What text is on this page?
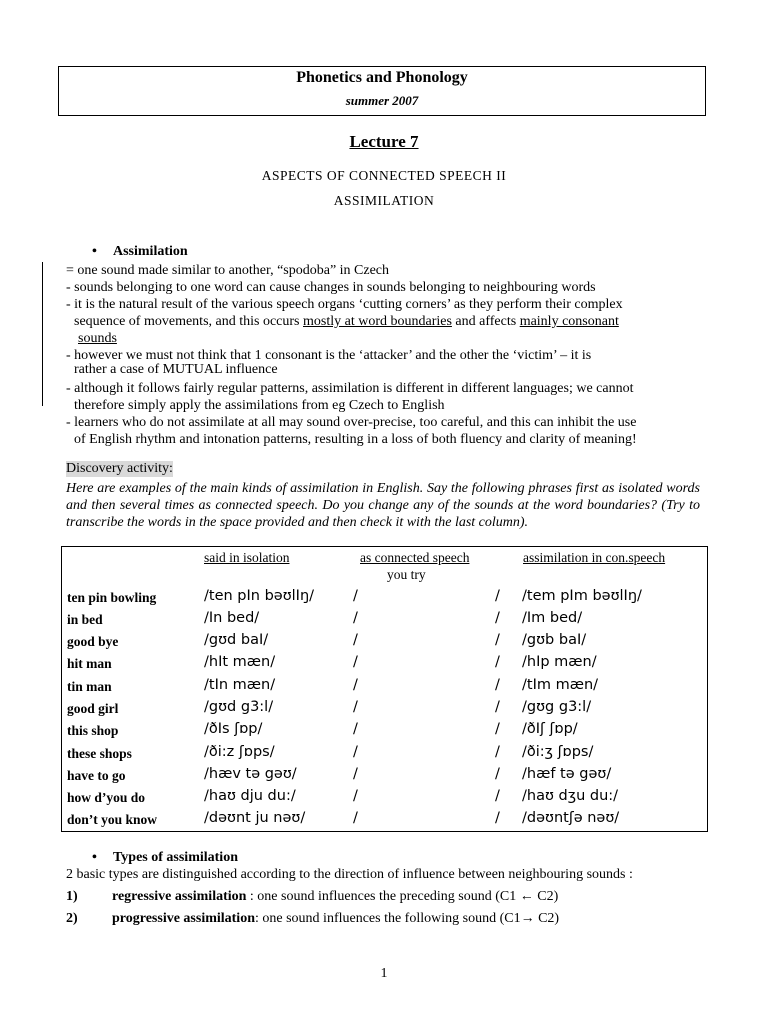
Phonetics and Phonology
summer 2007
Lecture 7
ASPECTS OF CONNECTED SPEECH II
ASSIMILATION
• Assimilation
= one sound made similar to another, “spodoba” in Czech
- sounds belonging to one word can cause changes in sounds belonging to neighbouring words
- it is the natural result of the various speech organs ‘cutting corners’ as they perform their complex
sequence of movements, and this occurs mostly at word boundaries and affects mainly consonant
sounds
- however we must not think that 1 consonant is the ‘attacker’ and the other the ‘victim’ – it is
rather a case of MUTUAL influence
- although it follows fairly regular patterns, assimilation is different in different languages; we cannot
therefore simply apply the assimilations from eg Czech to English
- learners who do not assimilate at all may sound over-precise, too careful, and this can inhibit the use
of English rhythm and intonation patterns, resulting in a loss of both fluency and clarity of meaning!
Discovery activity:
Here are examples of the main kinds of assimilation in English. Say the following phrases first as isolated words and then several times as connected speech. Do you change any of the sounds at the word boundaries? (Try to transcribe the words in the space provided and then check it with the last column).
said in isolation	as connected speech	assimilation in con.speech
you try
ten pin bowling	/ten pIn bəʊlIŋ/	/	/ /tem pIm bəʊlIŋ/
in bed	/In bed/	/	/ /Im bed/
good bye	/gʊd baI/	/	/ /gʊb baI/
hit man	/hIt mæn/	/	/ /hIp mæn/
tin man	/tIn mæn/	/	/ /tIm mæn/
good girl	/gʊd g3:l/	/	/ /gʊg g3:l/
this shop	/ðIs ʃɒp/	/	/ /ðIʃ ʃɒp/
these shops	/ði:z ʃɒps/	/	/ /ði:ʒ ʃɒps/
have to go	/hæv tə gəʊ/	/	/ /hæf tə gəʊ/
how d’you do	/haʊ dju du:/	/	/ /haʊ dʒu du:/
don’t you know	/dəʊnt ju nəʊ/	/	/ /dəʊntʃə nəʊ/
• Types of assimilation
2 basic types are distinguished according to the direction of influence between neighbouring sounds :
1) regressive assimilation : one sound influences the preceding sound (C1 ← C2)
2) progressive assimilation: one sound influences the following sound (C1→ C2)
1
